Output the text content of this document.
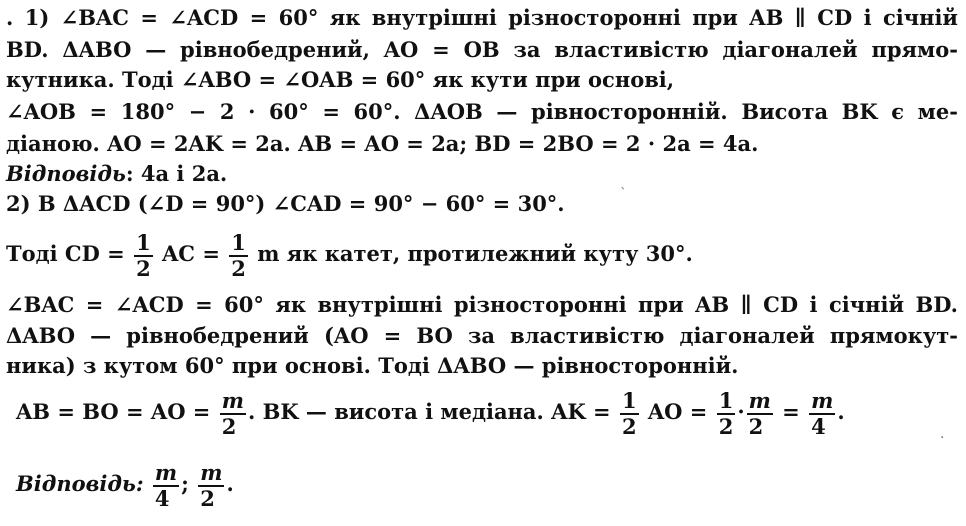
. 1) ∠BAC = ∠ACD = 60° як внутрішні різносторонні при AB ∥ CD і січній
BD. ΔABO — рівнобедрений, AO = OB за властивістю діагоналей прямо-
кутника. Тоді ∠ABO = ∠OAB = 60° як кути при основі,
∠AOB = 180° − 2 · 60° = 60°. ΔAOB — рівносторонній. Висота BK є ме-
діаною. AO = 2AK = 2a. AB = AO = 2a; BD = 2BO = 2 · 2a = 4a.
Відповідь: 4a і 2a.
2) В ΔACD (∠D = 90°) ∠CAD = 90° − 60° = 30°.
Тоді CD = $\frac{1}{2}$ AC = $\frac{1}{2}$ m як катет, протилежний куту 30°.
∠BAC = ∠ACD = 60° як внутрішні різносторонні при AB ∥ CD і січній BD.
ΔABO — рівнобедрений (AO = BO за властивістю діагоналей прямокут-
ника) з кутом 60° при основі. Тоді ΔABO — рівносторонній.
AB = BO = AO = $\frac{m}{2}$ . BK — висота і медіана. AK = $\frac{1}{2}$ AO = $\frac{1}{2} \cdot \frac{m}{2} = \frac{m}{4}$ .
Відповідь: $\frac{m}{4}$ ; $\frac{m}{2}$ .
ˋ
·
